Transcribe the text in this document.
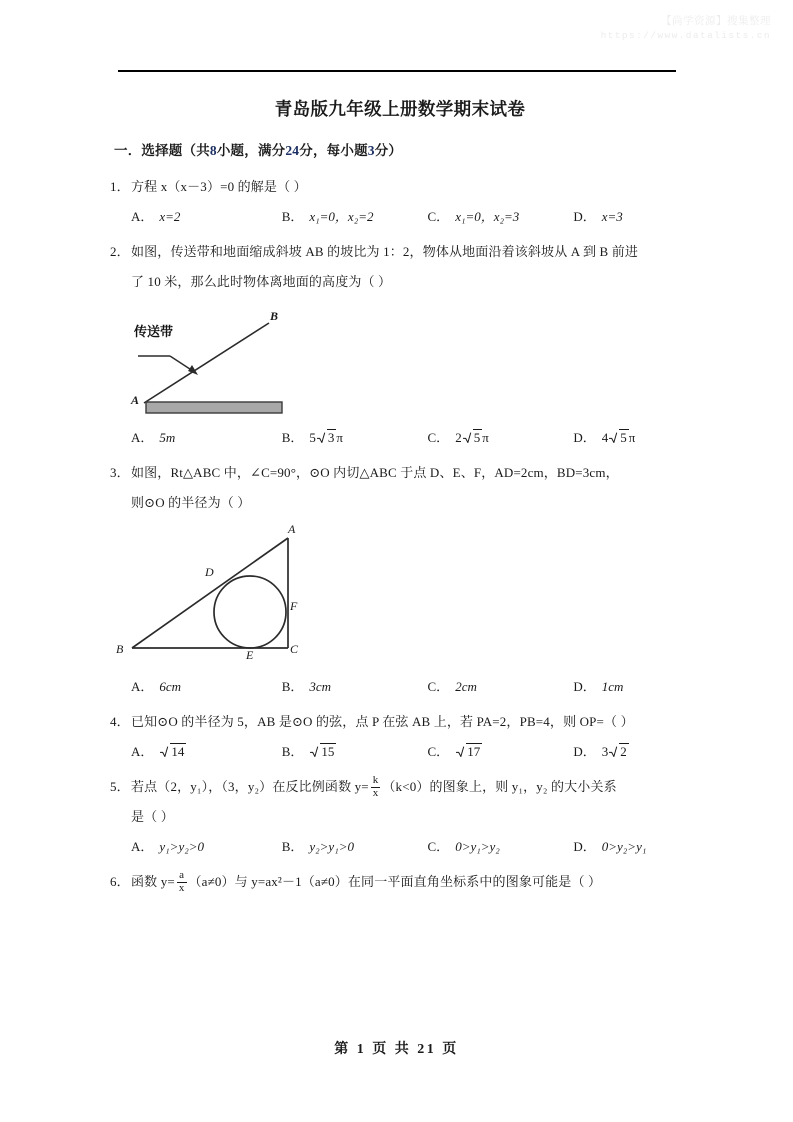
【尚学资源】搜集整理
https://www.datalists.cn
青岛版九年级上册数学期末试卷
一．选择题（共8小题，满分24分，每小题3分）
1．方程 x（x－3）=0 的解是（ ）
A． x=2	B． x₁=0，x₂=2	C． x₁=0，x₂=3	D． x=3
2．如图，传送带和地面缩成斜坡 AB 的坡比为 1：2，物体从地面沿着该斜坡从 A 到 B 前进
了 10 米，那么此时物体离地面的高度为（ ）
传送带
A
B
A． 5m	B． 5 3 π	C． 2 5 π	D． 4 5 π
3．如图，Rt△ABC 中，∠C=90°，⊙O 内切△ABC 于点 D、E、F，AD=2cm，BD=3cm，
则⊙O 的半径为（ ）
A
B	C
D
E
F
A． 6cm	B． 3cm	C． 2cm	D． 1cm
4．已知⊙O 的半径为 5，AB 是⊙O 的弦，点 P 在弦 AB 上，若 PA=2，PB=4，则 OP=（ ）
A．	14	B．	15	C．	17	D． 3 2
5．若点（2，y₁），（3，y₂）在反比例函数 $y= \frac{k}{x} (k<0)$的图象上，则 y₁，y₂ 的大小关系
是（ ）
A． y₁>y₂>0	B． y₂>y₁>0	C． 0>y₁>y₂	D． 0>y₂>y₁
6．函数 $y= \frac{a}{x} (a\ne 0)$与 y=ax²－1（a≠0）在同一平面直角坐标系中的图象可能是（ ）
第 1 页 共 21 页
